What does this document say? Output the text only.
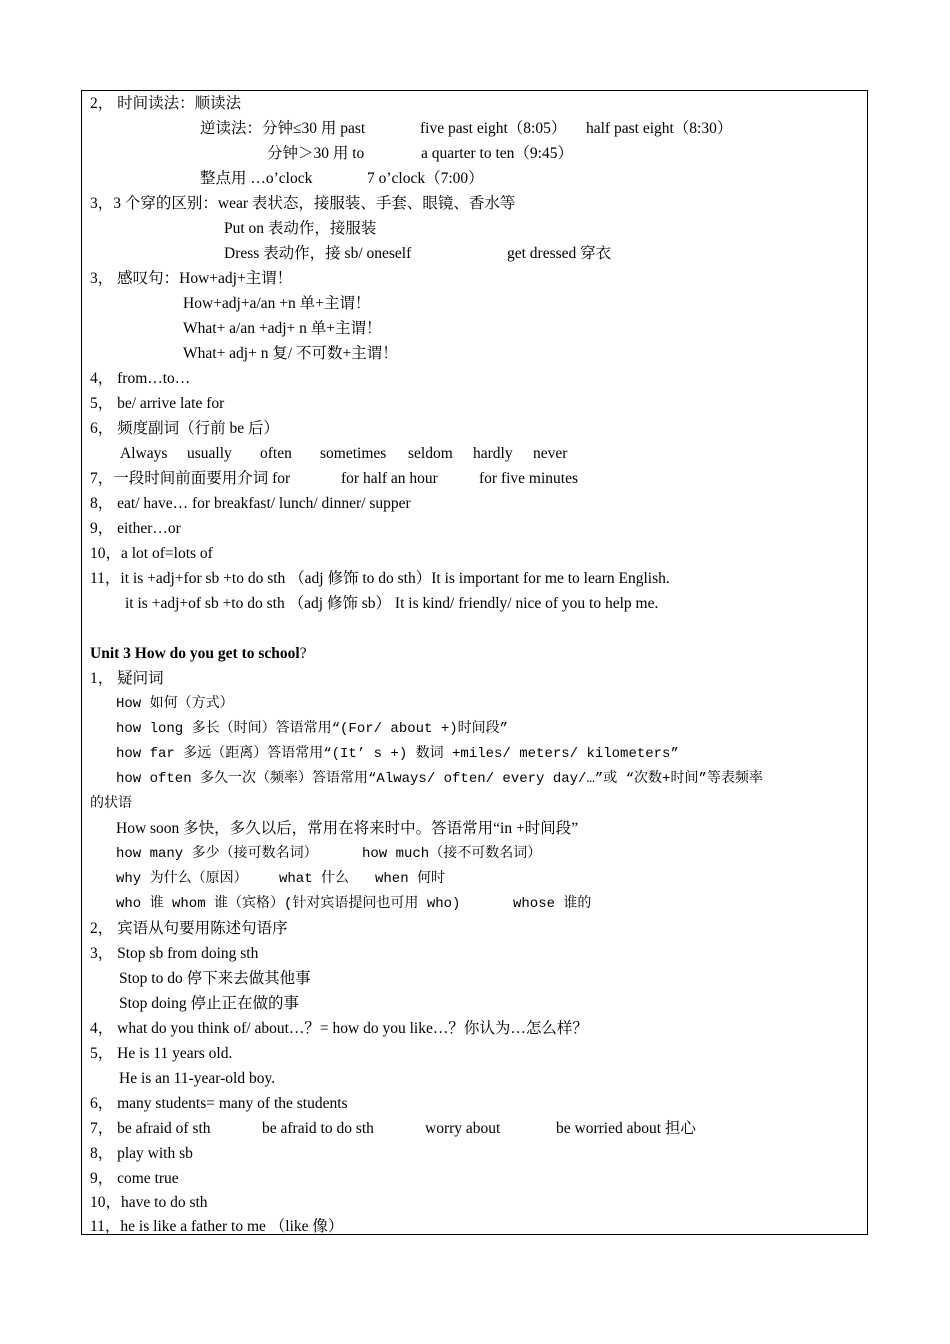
2， 时间读法：顺读法
逆读法：分钟≤30 用 past	five past eight（8:05） half past eight（8:30）
分钟＞30 用 to	a quarter to ten（9:45）
整点用 …o’clock	7 o’clock（7:00）
3，3 个穿的区别：wear 表状态，接服装、手套、眼镜、香水等
Put on 表动作，接服装
Dress 表动作，接 sb/ oneself	get dressed 穿衣
3， 感叹句：How+adj+主谓！
How+adj+a/an +n 单+主谓！
What+ a/an +adj+ n 单+主谓！
What+ adj+ n 复/ 不可数+主谓！
4， from…to…
5， be/ arrive late for
6， 频度副词（行前 be 后）
Always usually often sometimes seldom hardly never
7，一段时间前面要用介词 for	for half an hour	for five minutes
8， eat/ have… for breakfast/ lunch/ dinner/ supper
9， either…or
10，a lot of=lots of
11，it is +adj+for sb +to do sth （adj 修饰 to do sth）It is important for me to learn English.
it is +adj+of sb +to do sth （adj 修饰 sb） It is kind/ friendly/ nice of you to help me.
Unit 3 How do you get to school?
1， 疑问词
How 如何（方式）
how long 多长（时间）答语常用“(For/ about +)时间段”
how far 多远（距离）答语常用“(It’ s +) 数词 +miles/ meters/ kilometers”
how often 多久一次（频率）答语常用“Always/ often/ every day/…”或 “次数+时间”等表频率
的状语
How soon 多快，多久以后，常用在将来时中。答语常用“in +时间段”
how many 多少（接可数名词）	how much（接不可数名词）
why 为什么（原因） what 什么 when 何时
who 谁 whom 谁（宾格）(针对宾语提问也可用 who)	whose 谁的
2， 宾语从句要用陈述句语序
3， Stop sb from doing sth
Stop to do 停下来去做其他事
Stop doing 停止正在做的事
4， what do you think of/ about…？= how do you like…？你认为…怎么样？
5， He is 11 years old.
He is an 11-year-old boy.
6， many students= many of the students
7， be afraid of sth	be afraid to do sth	worry about	be worried about 担心
8， play with sb
9， come true
10，have to do sth
11，he is like a father to me （like 像）
